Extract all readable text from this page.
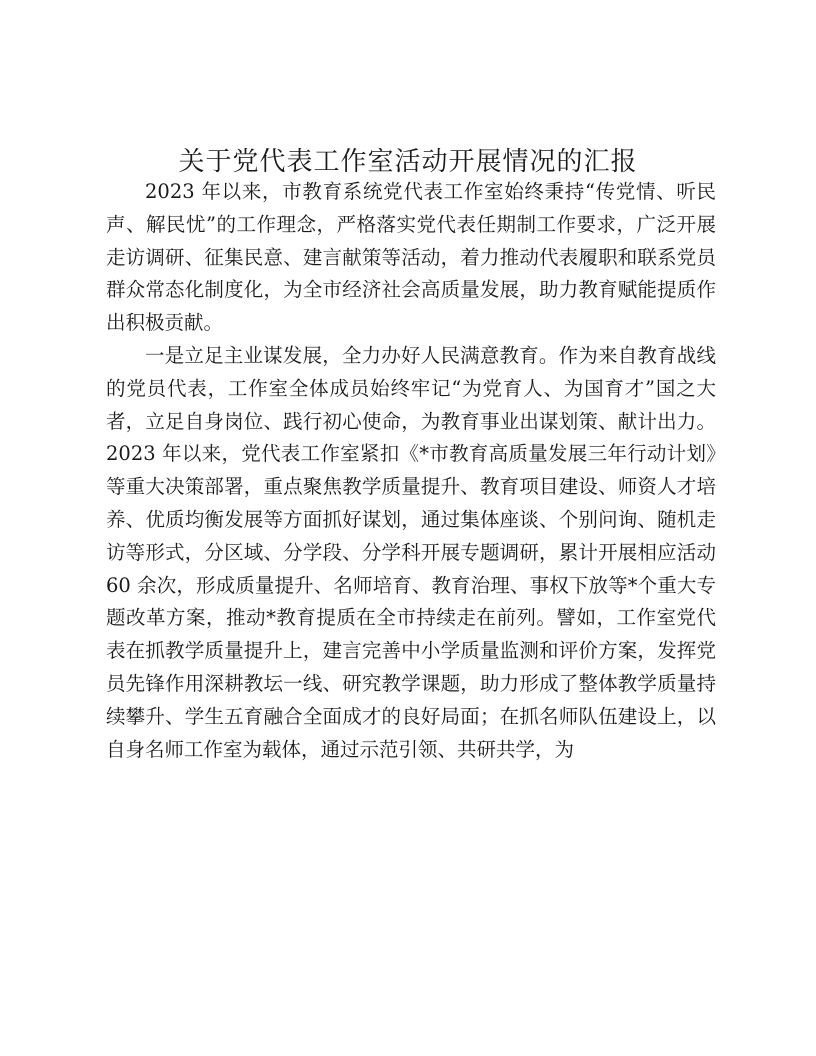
关于党代表工作室活动开展情况的汇报

2023 年以来，市教育系统党代表工作室始终秉持“传党情、听民声、解民忧”的工作理念，严格落实党代表任期制工作要求，广泛开展走访调研、征集民意、建言献策等活动，着力推动代表履职和联系党员群众常态化制度化，为全市经济社会高质量发展，助力教育赋能提质作出积极贡献。

一是立足主业谋发展，全力办好人民满意教育。作为来自教育战线的党员代表，工作室全体成员始终牢记“为党育人、为国育才”国之大者，立足自身岗位、践行初心使命，为教育事业出谋划策、献计出力。2023 年以来，党代表工作室紧扣《*市教育高质量发展三年行动计划》等重大决策部署，重点聚焦教学质量提升、教育项目建设、师资人才培养、优质均衡发展等方面抓好谋划，通过集体座谈、个别问询、随机走访等形式，分区域、分学段、分学科开展专题调研，累计开展相应活动 60 余次，形成质量提升、名师培育、教育治理、事权下放等*个重大专题改革方案，推动*教育提质在全市持续走在前列。譬如，工作室党代表在抓教学质量提升上，建言完善中小学质量监测和评价方案，发挥党员先锋作用深耕教坛一线、研究教学课题，助力形成了整体教学质量持续攀升、学生五育融合全面成才的良好局面；在抓名师队伍建设上，以自身名师工作室为载体，通过示范引领、共研共学，为
